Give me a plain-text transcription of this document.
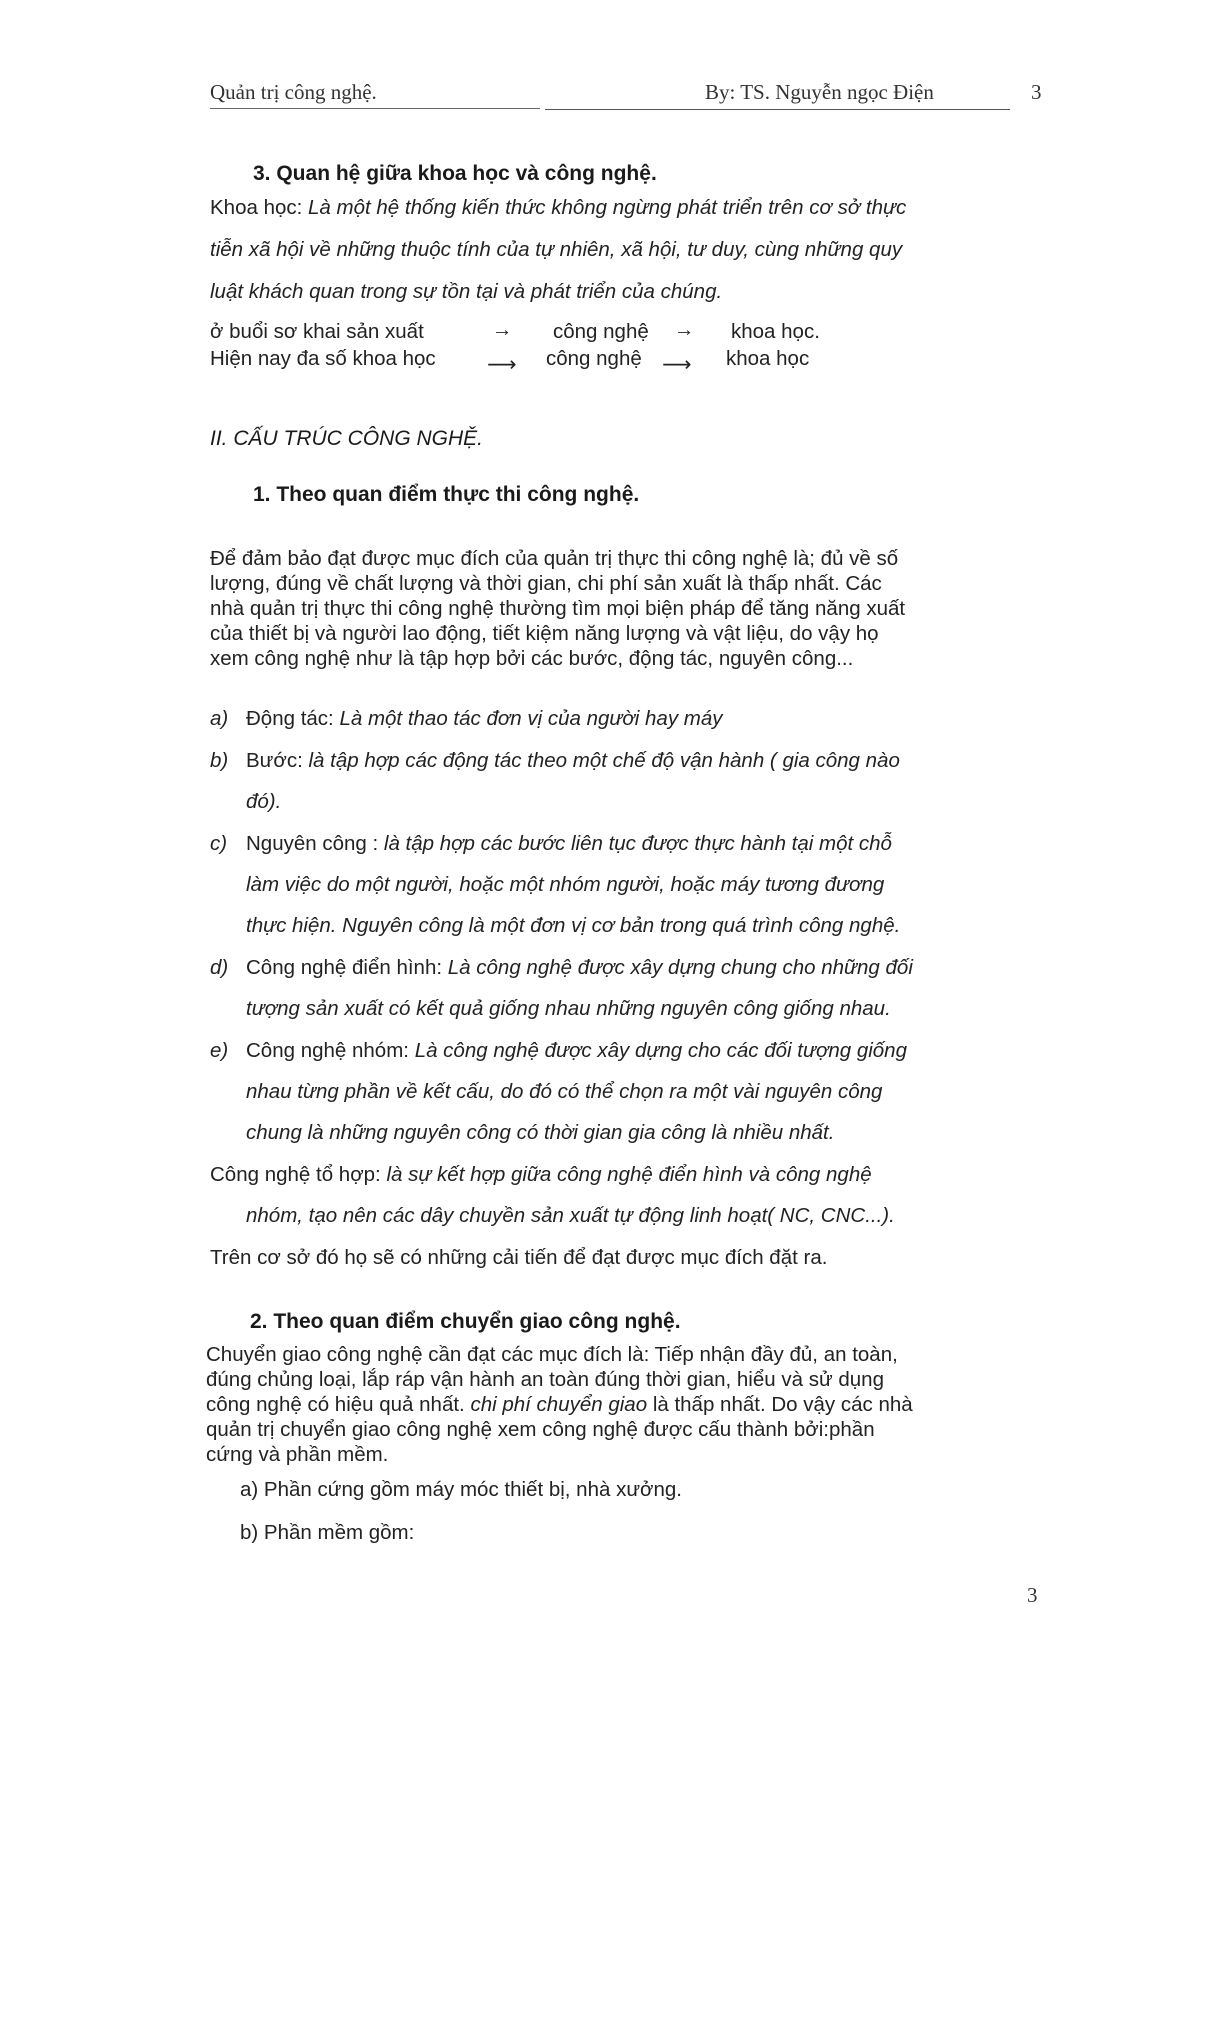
Quản trị công nghệ.	By: TS. Nguyễn ngọc Điện	3
3. Quan hệ giữa khoa học và công nghệ.
Khoa học: Là một hệ thống kiến thức không ngừng phát triển trên cơ sở thực
tiễn xã hội về những thuộc tính của tự nhiên, xã hội, tư duy, cùng những quy
luật khách quan trong sự tồn tại và phát triển của chúng.
ở buổi sơ khai sản xuất	→ công nghệ → khoa học.
Hiện nay đa số khoa học	⟶ công nghệ ⟶ khoa học
II. CẤU TRÚC CÔNG NGHỆ.
1. Theo quan điểm thực thi công nghệ.
Để đảm bảo đạt được mục đích của quản trị thực thi công nghệ là; đủ về số
lượng, đúng về chất lượng và thời gian, chi phí sản xuất là thấp nhất. Các
nhà quản trị thực thi công nghệ thường tìm mọi biện pháp để tăng năng xuất
của thiết bị và người lao động, tiết kiệm năng lượng và vật liệu, do vậy họ
xem công nghệ như là tập hợp bởi các bước, động tác, nguyên công...
a) Động tác: Là một thao tác đơn vị của người hay máy
b) Bước: là tập hợp các động tác theo một chế độ vận hành ( gia công nào
đó).
c) Nguyên công : là tập hợp các bước liên tục được thực hành tại một chỗ
làm việc do một người, hoặc một nhóm người, hoặc máy tương đương
thực hiện. Nguyên công là một đơn vị cơ bản trong quá trình công nghệ.
d) Công nghệ điển hình: Là công nghệ được xây dựng chung cho những đối
tượng sản xuất có kết quả giống nhau những nguyên công giống nhau.
e) Công nghệ nhóm: Là công nghệ được xây dựng cho các đối tượng giống
nhau từng phần về kết cấu, do đó có thể chọn ra một vài nguyên công
chung là những nguyên công có thời gian gia công là nhiều nhất.
Công nghệ tổ hợp: là sự kết hợp giữa công nghệ điển hình và công nghệ
nhóm, tạo nên các dây chuyền sản xuất tự động linh hoạt( NC, CNC...).
Trên cơ sở đó họ sẽ có những cải tiến để đạt được mục đích đặt ra.
2. Theo quan điểm chuyển giao công nghệ.
Chuyển giao công nghệ cần đạt các mục đích là: Tiếp nhận đầy đủ, an toàn,
đúng chủng loại, lắp ráp vận hành an toàn đúng thời gian, hiểu và sử dụng
công nghệ có hiệu quả nhất. chi phí chuyển giao là thấp nhất. Do vậy các nhà
quản trị chuyển giao công nghệ xem công nghệ được cấu thành bởi:phần
cứng và phần mềm.
a) Phần cứng gồm máy móc thiết bị, nhà xưởng.
b) Phần mềm gồm:
3
